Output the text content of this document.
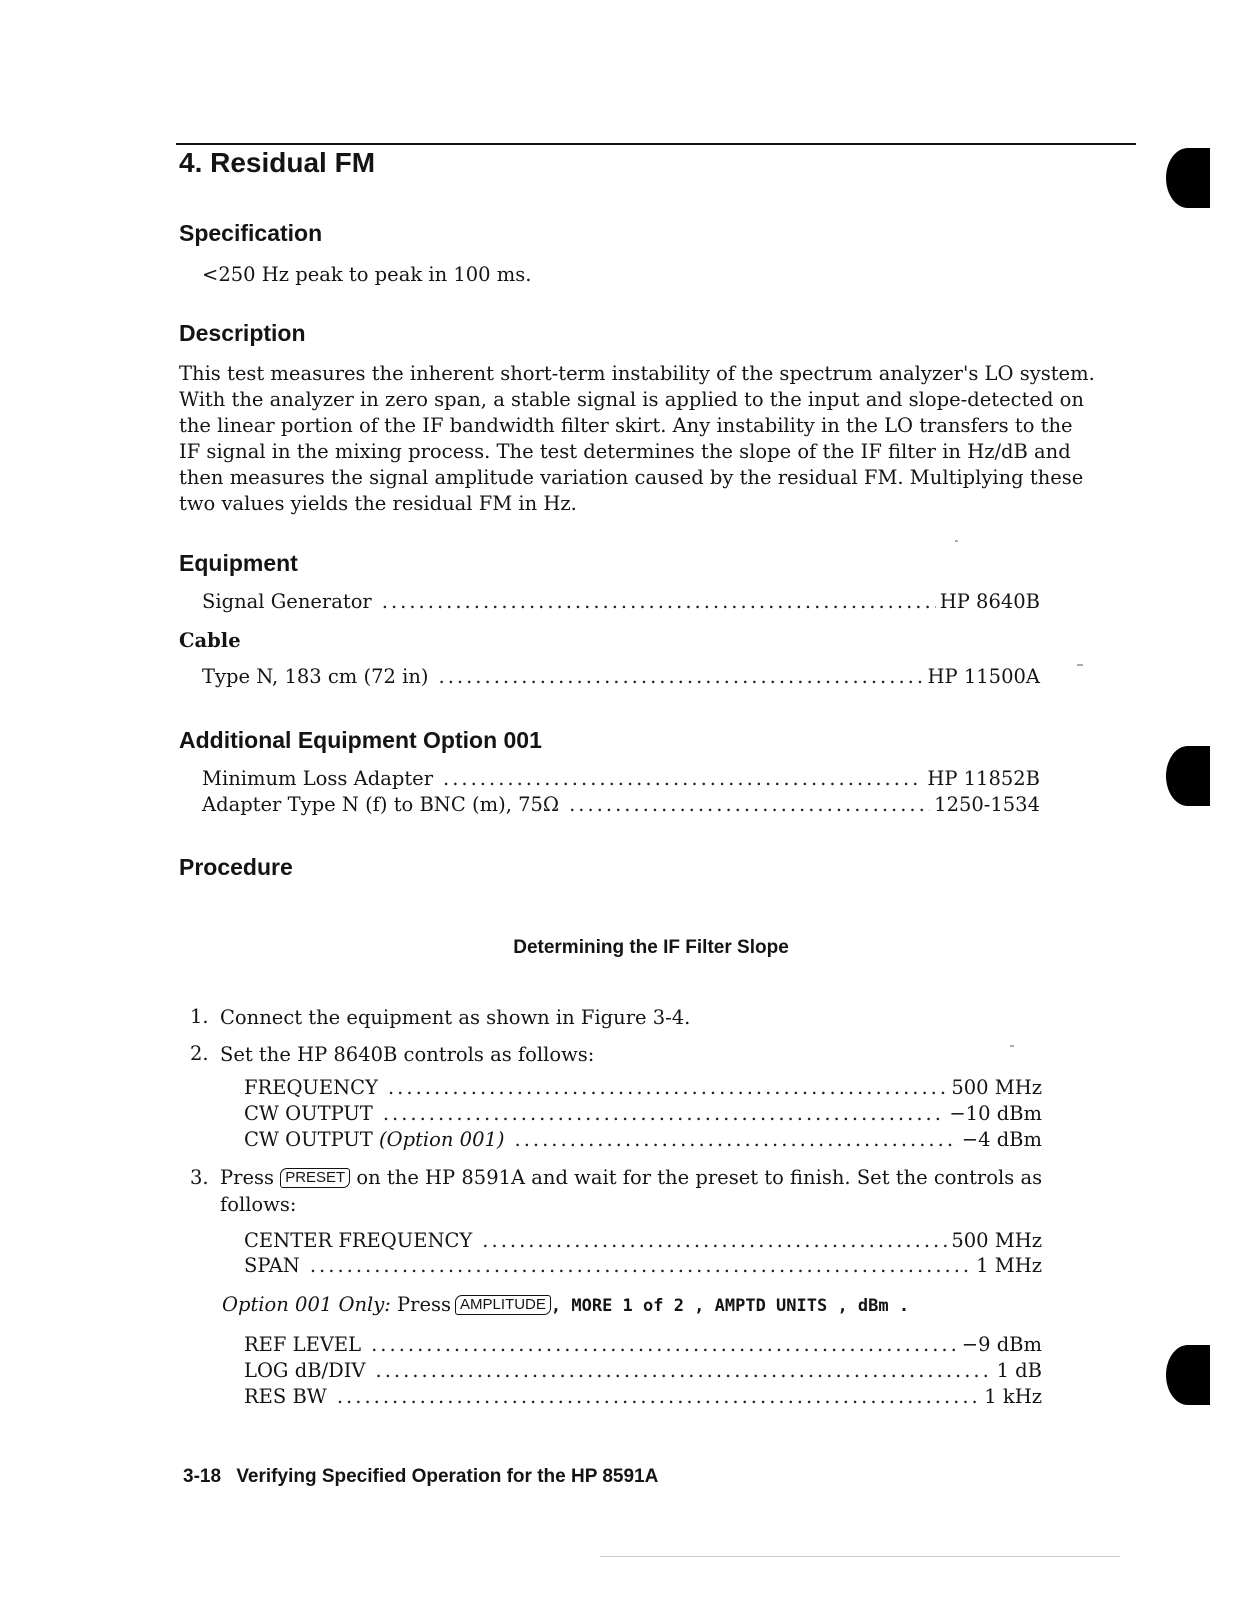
4. Residual FM
Specification
<250 Hz peak to peak in 100 ms.
Description
This test measures the inherent short-term instability of the spectrum analyzer's LO system.
With the analyzer in zero span, a stable signal is applied to the input and slope-detected on
the linear portion of the IF bandwidth filter skirt. Any instability in the LO transfers to the
IF signal in the mixing process. The test determines the slope of the IF filter in Hz/dB and
then measures the signal amplitude variation caused by the residual FM. Multiplying these
two values yields the residual FM in Hz.
Equipment
Signal Generator .....	HP 8640B
Cable
Type N, 183 cm (72 in) .....	HP 11500A
Additional Equipment Option 001
Minimum Loss Adapter .....	HP 11852B
Adapter Type N (f) to BNC (m), 75Ω .....	1250-1534
Procedure
Determining the IF Filter Slope
1. Connect the equipment as shown in Figure 3-4.
2. Set the HP 8640B controls as follows:
FREQUENCY .....	500 MHz
CW OUTPUT .....	−10 dBm
CW OUTPUT (Option 001) .....	−4 dBm
3. Press PRESET on the HP 8591A and wait for the preset to finish. Set the controls as
follows:
CENTER FREQUENCY .....	500 MHz
SPAN .....	1 MHz
Option 001 Only: Press AMPLITUDE , MORE 1 of 2 , AMPTD UNITS , dBm .
REF LEVEL .....	−9 dBm
LOG dB/DIV .....	1 dB
RES BW .....	1 kHz
3-18 Verifying Specified Operation for the HP 8591A
